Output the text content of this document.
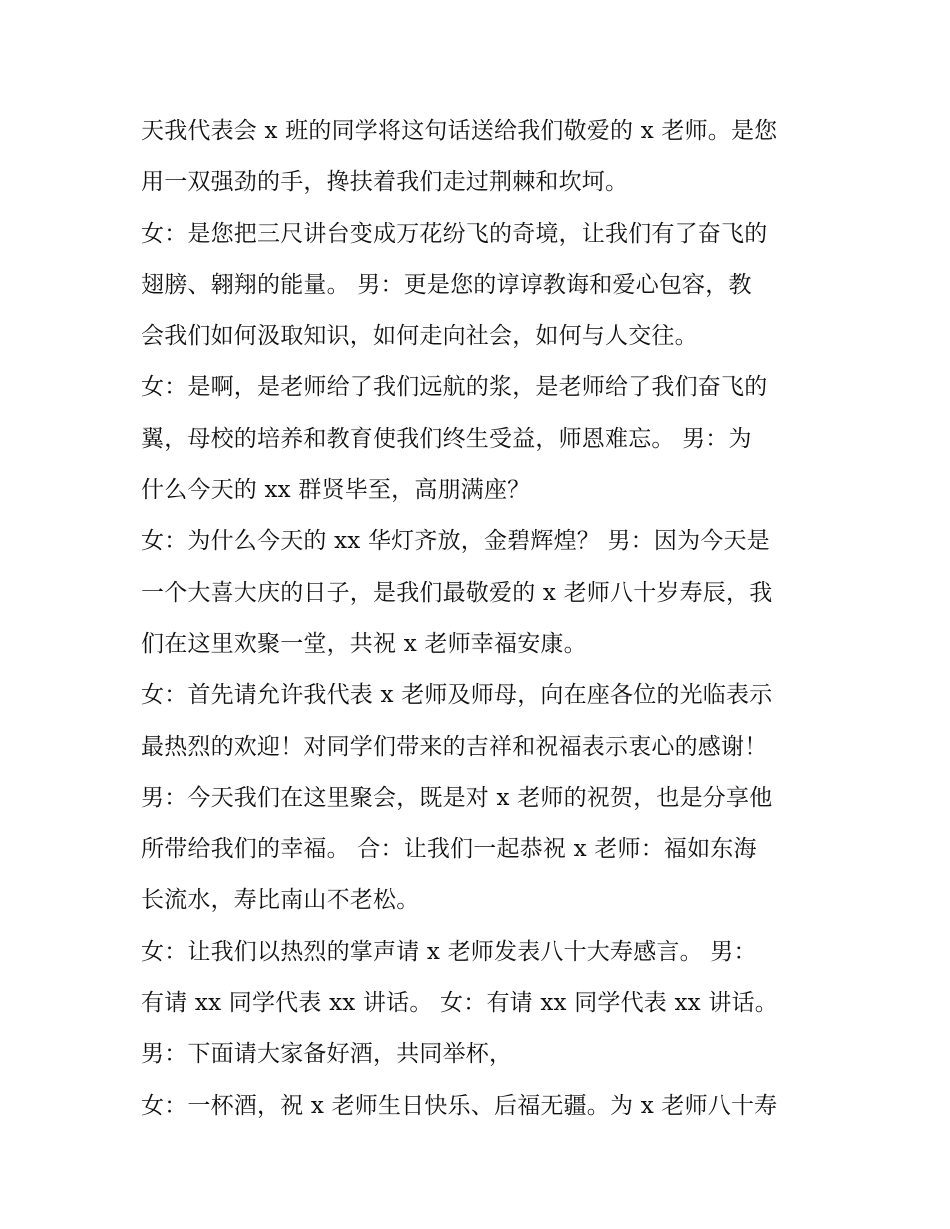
天我代表会 x 班的同学将这句话送给我们敬爱的 x 老师。是您
用一双强劲的手，搀扶着我们走过荆棘和坎坷。
女：是您把三尺讲台变成万花纷飞的奇境，让我们有了奋飞的
翅膀、翱翔的能量。 男：更是您的谆谆教诲和爱心包容，教
会我们如何汲取知识，如何走向社会，如何与人交往。
女：是啊，是老师给了我们远航的浆，是老师给了我们奋飞的
翼，母校的培养和教育使我们终生受益，师恩难忘。 男：为
什么今天的 xx 群贤毕至，高朋满座？
女：为什么今天的 xx 华灯齐放，金碧辉煌？ 男：因为今天是
一个大喜大庆的日子，是我们最敬爱的 x 老师八十岁寿辰，我
们在这里欢聚一堂，共祝 x 老师幸福安康。
女：首先请允许我代表 x 老师及师母，向在座各位的光临表示
最热烈的欢迎！对同学们带来的吉祥和祝福表示衷心的感谢！
男：今天我们在这里聚会，既是对 x 老师的祝贺，也是分享他
所带给我们的幸福。 合：让我们一起恭祝 x 老师：福如东海
长流水，寿比南山不老松。
女：让我们以热烈的掌声请 x 老师发表八十大寿感言。 男：
有请 xx 同学代表 xx 讲话。 女：有请 xx 同学代表 xx 讲话。
男：下面请大家备好酒，共同举杯，
女：一杯酒，祝 x 老师生日快乐、后福无疆。为 x 老师八十寿
